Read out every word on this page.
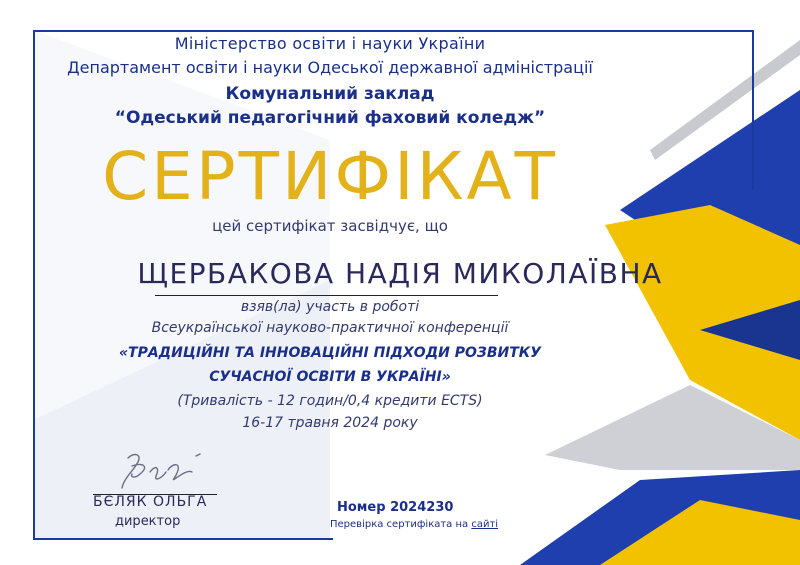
Міністерство освіти і науки України
Департамент освіти і науки Одеської державної адміністрації
Комунальний заклад
“Одеський педагогічний фаховий коледж”
СЕРТИФІКАТ
цей сертифікат засвідчує, що
ЩЕРБАКОВА НАДІЯ МИКОЛАЇВНА
взяв(ла) участь в роботі
Всеукраїнської науково-практичної конференції
«ТРАДИЦІЙНІ ТА ІННОВАЦІЙНІ ПІДХОДИ РОЗВИТКУ
СУЧАСНОЇ ОСВІТИ В УКРАЇНІ»
(Тривалість - 12 годин/0,4 кредити ECTS)
16-17 травня 2024 року
БЄЛЯК ОЛЬГА
директор
Номер 2024230
Перевірка сертифіката на сайті
